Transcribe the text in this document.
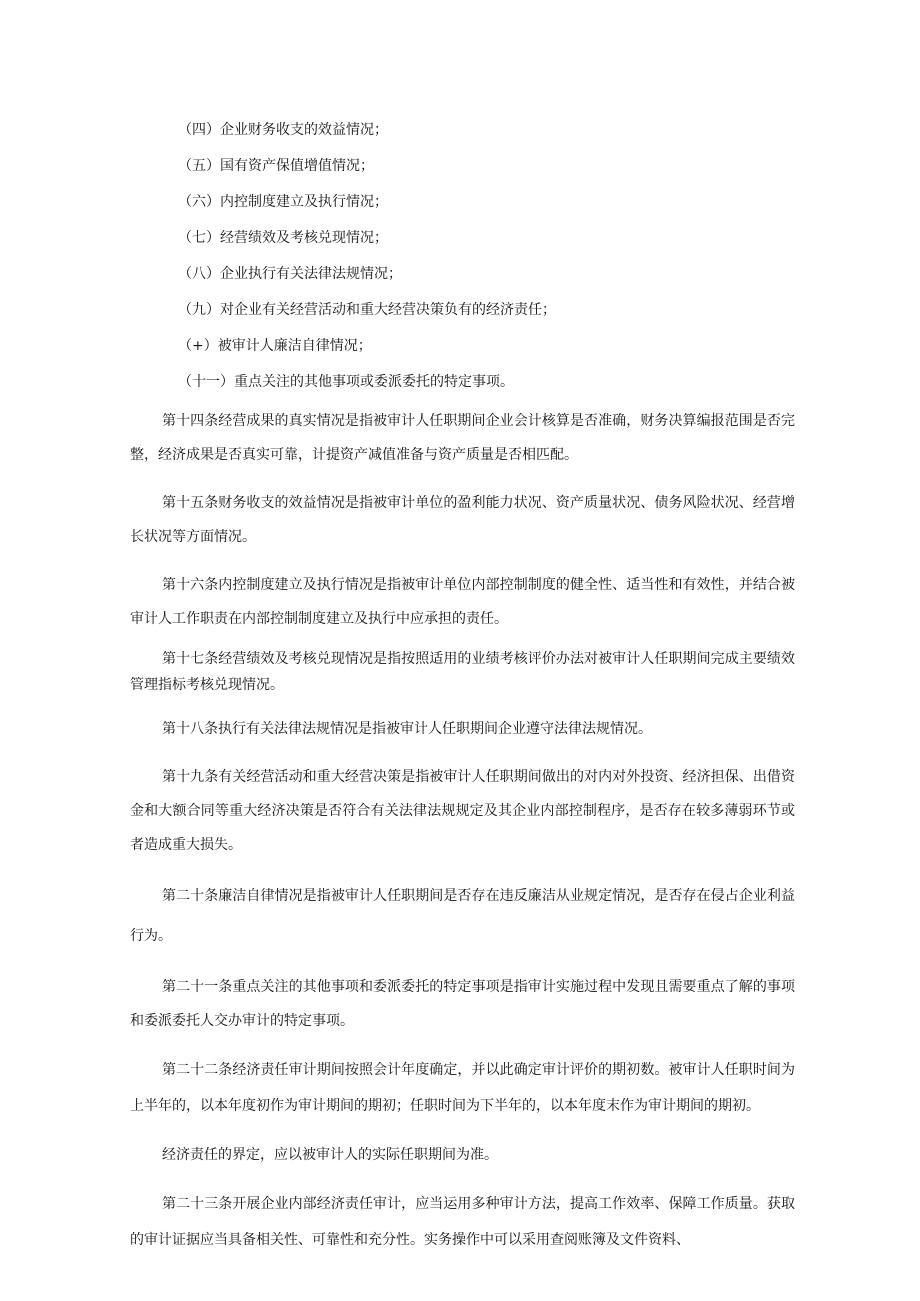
（四）企业财务收支的效益情况；
（五）国有资产保值增值情况；
（六）内控制度建立及执行情况；
（七）经营绩效及考核兑现情况；
（八）企业执行有关法律法规情况；
（九）对企业有关经营活动和重大经营决策负有的经济责任；
（+）被审计人廉洁自律情况；
（十一）重点关注的其他事项或委派委托的特定事项。

第十四条经营成果的真实情况是指被审计人任职期间企业会计核算是否准确，财务决算编报范围是否完整，经济成果是否真实可靠，计提资产减值准备与资产质量是否相匹配。

第十五条财务收支的效益情况是指被审计单位的盈利能力状况、资产质量状况、债务风险状况、经营增长状况等方面情况。

第十六条内控制度建立及执行情况是指被审计单位内部控制制度的健全性、适当性和有效性，并结合被审计人工作职责在内部控制制度建立及执行中应承担的责任。

第十七条经营绩效及考核兑现情况是指按照适用的业绩考核评价办法对被审计人任职期间完成主要绩效管理指标考核兑现情况。

第十八条执行有关法律法规情况是指被审计人任职期间企业遵守法律法规情况。

第十九条有关经营活动和重大经营决策是指被审计人任职期间做出的对内对外投资、经济担保、出借资金和大额合同等重大经济决策是否符合有关法律法规规定及其企业内部控制程序，是否存在较多薄弱环节或者造成重大损失。

第二十条廉洁自律情况是指被审计人任职期间是否存在违反廉洁从业规定情况，是否存在侵占企业利益行为。

第二十一条重点关注的其他事项和委派委托的特定事项是指审计实施过程中发现且需要重点了解的事项和委派委托人交办审计的特定事项。

第二十二条经济责任审计期间按照会计年度确定，并以此确定审计评价的期初数。被审计人任职时间为上半年的，以本年度初作为审计期间的期初；任职时间为下半年的，以本年度末作为审计期间的期初。

经济责任的界定，应以被审计人的实际任职期间为准。

第二十三条开展企业内部经济责任审计，应当运用多种审计方法，提高工作效率、保障工作质量。获取的审计证据应当具备相关性、可靠性和充分性。实务操作中可以采用查阅账簿及文件资料、
